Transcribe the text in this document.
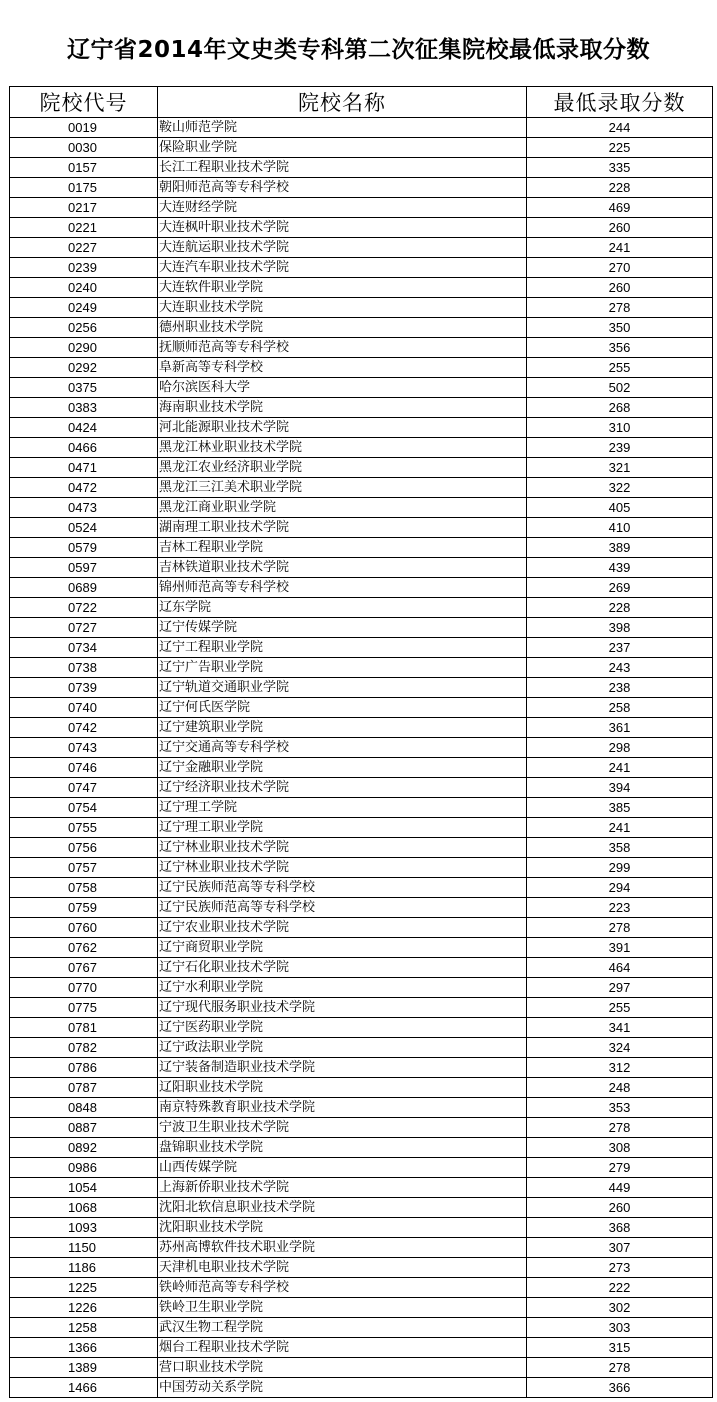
辽宁省2014年文史类专科第二次征集院校最低录取分数
院校代号	院校名称	最低录取分数
0019	鞍山师范学院	244
0030	保险职业学院	225
0157	长江工程职业技术学院	335
0175	朝阳师范高等专科学校	228
0217	大连财经学院	469
0221	大连枫叶职业技术学院	260
0227	大连航运职业技术学院	241
0239	大连汽车职业技术学院	270
0240	大连软件职业学院	260
0249	大连职业技术学院	278
0256	德州职业技术学院	350
0290	抚顺师范高等专科学校	356
0292	阜新高等专科学校	255
0375	哈尔滨医科大学	502
0383	海南职业技术学院	268
0424	河北能源职业技术学院	310
0466	黑龙江林业职业技术学院	239
0471	黑龙江农业经济职业学院	321
0472	黑龙江三江美术职业学院	322
0473	黑龙江商业职业学院	405
0524	湖南理工职业技术学院	410
0579	吉林工程职业学院	389
0597	吉林铁道职业技术学院	439
0689	锦州师范高等专科学校	269
0722	辽东学院	228
0727	辽宁传媒学院	398
0734	辽宁工程职业学院	237
0738	辽宁广告职业学院	243
0739	辽宁轨道交通职业学院	238
0740	辽宁何氏医学院	258
0742	辽宁建筑职业学院	361
0743	辽宁交通高等专科学校	298
0746	辽宁金融职业学院	241
0747	辽宁经济职业技术学院	394
0754	辽宁理工学院	385
0755	辽宁理工职业学院	241
0756	辽宁林业职业技术学院	358
0757	辽宁林业职业技术学院	299
0758	辽宁民族师范高等专科学校	294
0759	辽宁民族师范高等专科学校	223
0760	辽宁农业职业技术学院	278
0762	辽宁商贸职业学院	391
0767	辽宁石化职业技术学院	464
0770	辽宁水利职业学院	297
0775	辽宁现代服务职业技术学院	255
0781	辽宁医药职业学院	341
0782	辽宁政法职业学院	324
0786	辽宁装备制造职业技术学院	312
0787	辽阳职业技术学院	248
0848	南京特殊教育职业技术学院	353
0887	宁波卫生职业技术学院	278
0892	盘锦职业技术学院	308
0986	山西传媒学院	279
1054	上海新侨职业技术学院	449
1068	沈阳北软信息职业技术学院	260
1093	沈阳职业技术学院	368
1150	苏州高博软件技术职业学院	307
1186	天津机电职业技术学院	273
1225	铁岭师范高等专科学校	222
1226	铁岭卫生职业学院	302
1258	武汉生物工程学院	303
1366	烟台工程职业技术学院	315
1389	营口职业技术学院	278
1466	中国劳动关系学院	366
